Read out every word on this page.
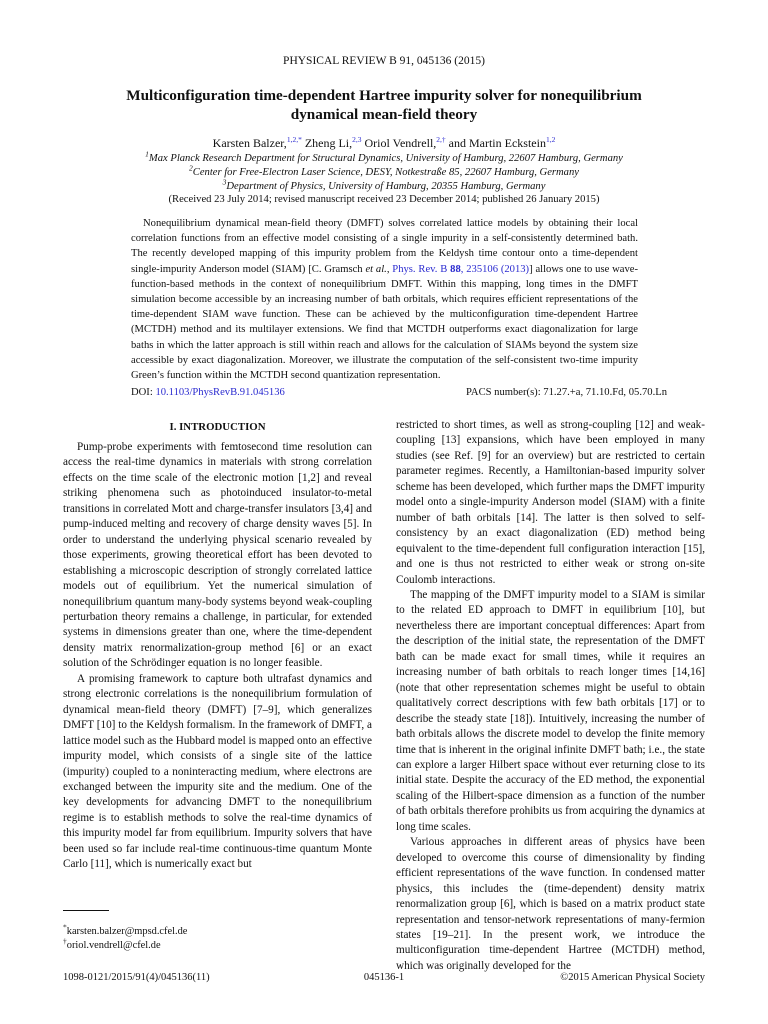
PHYSICAL REVIEW B 91, 045136 (2015)
Multiconfiguration time-dependent Hartree impurity solver for nonequilibrium dynamical mean-field theory
Karsten Balzer,$^{1,2,*}$ Zheng Li,$^{2,3}$ Oriol Vendrell,$^{2,\dagger}$ and Martin Eckstein$^{1,2}$
$^1$Max Planck Research Department for Structural Dynamics, University of Hamburg, 22607 Hamburg, Germany
$^2$Center for Free-Electron Laser Science, DESY, Notkestraße 85, 22607 Hamburg, Germany
$^3$Department of Physics, University of Hamburg, 20355 Hamburg, Germany
(Received 23 July 2014; revised manuscript received 23 December 2014; published 26 January 2015)
Nonequilibrium dynamical mean-field theory (DMFT) solves correlated lattice models by obtaining their local correlation functions from an effective model consisting of a single impurity in a self-consistently determined bath. The recently developed mapping of this impurity problem from the Keldysh time contour onto a time-dependent single-impurity Anderson model (SIAM) [C. Gramsch et al., Phys. Rev. B 88, 235106 (2013)] allows one to use wave-function-based methods in the context of nonequilibrium DMFT. Within this mapping, long times in the DMFT simulation become accessible by an increasing number of bath orbitals, which requires efficient representations of the time-dependent SIAM wave function. These can be achieved by the multiconfiguration time-dependent Hartree (MCTDH) method and its multilayer extensions. We find that MCTDH outperforms exact diagonalization for large baths in which the latter approach is still within reach and allows for the calculation of SIAMs beyond the system size accessible by exact diagonalization. Moreover, we illustrate the computation of the self-consistent two-time impurity Green’s function within the MCTDH second quantization representation.
DOI: 10.1103/PhysRevB.91.045136	PACS number(s): 71.27.+a, 71.10.Fd, 05.70.Ln
I. INTRODUCTION

Pump-probe experiments with femtosecond time resolution can access the real-time dynamics in materials with strong correlation effects on the time scale of the electronic motion [1,2] and reveal striking phenomena such as photoinduced insulator-to-metal transitions in correlated Mott and charge-transfer insulators [3,4] and pump-induced melting and recovery of charge density waves [5]. In order to understand the underlying physical scenario revealed by those experiments, growing theoretical effort has been devoted to establishing a microscopic description of strongly correlated lattice models out of equilibrium. Yet the numerical simulation of nonequilibrium quantum many-body systems beyond weak-coupling perturbation theory remains a challenge, in particular, for extended systems in dimensions greater than one, where the time-dependent density matrix renormalization-group method [6] or an exact solution of the Schrödinger equation is no longer feasible.

A promising framework to capture both ultrafast dynamics and strong electronic correlations is the nonequilibrium formulation of dynamical mean-field theory (DMFT) [7–9], which generalizes DMFT [10] to the Keldysh formalism. In the framework of DMFT, a lattice model such as the Hubbard model is mapped onto an effective impurity model, which consists of a single site of the lattice (impurity) coupled to a noninteracting medium, where electrons are exchanged between the impurity site and the medium. One of the key developments for advancing DMFT to the nonequilibrium regime is to establish methods to solve the real-time dynamics of this impurity model far from equilibrium. Impurity solvers that have been used so far include real-time continuous-time quantum Monte Carlo [11], which is numerically exact but

restricted to short times, as well as strong-coupling [12] and weak-coupling [13] expansions, which have been employed in many studies (see Ref. [9] for an overview) but are restricted to certain parameter regimes. Recently, a Hamiltonian-based impurity solver scheme has been developed, which further maps the DMFT impurity model onto a single-impurity Anderson model (SIAM) with a finite number of bath orbitals [14]. The latter is then solved to self-consistency by an exact diagonalization (ED) method being equivalent to the time-dependent full configuration interaction [15], and one is thus not restricted to either weak or strong on-site Coulomb interactions.

The mapping of the DMFT impurity model to a SIAM is similar to the related ED approach to DMFT in equilibrium [10], but nevertheless there are important conceptual differences: Apart from the description of the initial state, the representation of the DMFT bath can be made exact for small times, while it requires an increasing number of bath orbitals to reach longer times [14,16] (note that other representation schemes might be useful to obtain qualitatively correct descriptions with few bath orbitals [17] or to describe the steady state [18]). Intuitively, increasing the number of bath orbitals allows the discrete model to develop the finite memory time that is inherent in the original infinite DMFT bath; i.e., the state can explore a larger Hilbert space without ever returning close to its initial state. Despite the accuracy of the ED method, the exponential scaling of the Hilbert-space dimension as a function of the number of bath orbitals therefore prohibits us from acquiring the dynamics at long time scales.

Various approaches in different areas of physics have been developed to overcome this course of dimensionality by finding efficient representations of the wave function. In condensed matter physics, this includes the (time-dependent) density matrix renormalization group [6], which is based on a matrix product state representation and tensor-network representations of many-fermion states [19–21]. In the present work, we introduce the multiconfiguration time-dependent Hartree (MCTDH) method, which was originally developed for the

*karsten.balzer@mpsd.cfel.de
†oriol.vendrell@cfel.de
1098-0121/2015/91(4)/045136(11)	045136-1	©2015 American Physical Society
